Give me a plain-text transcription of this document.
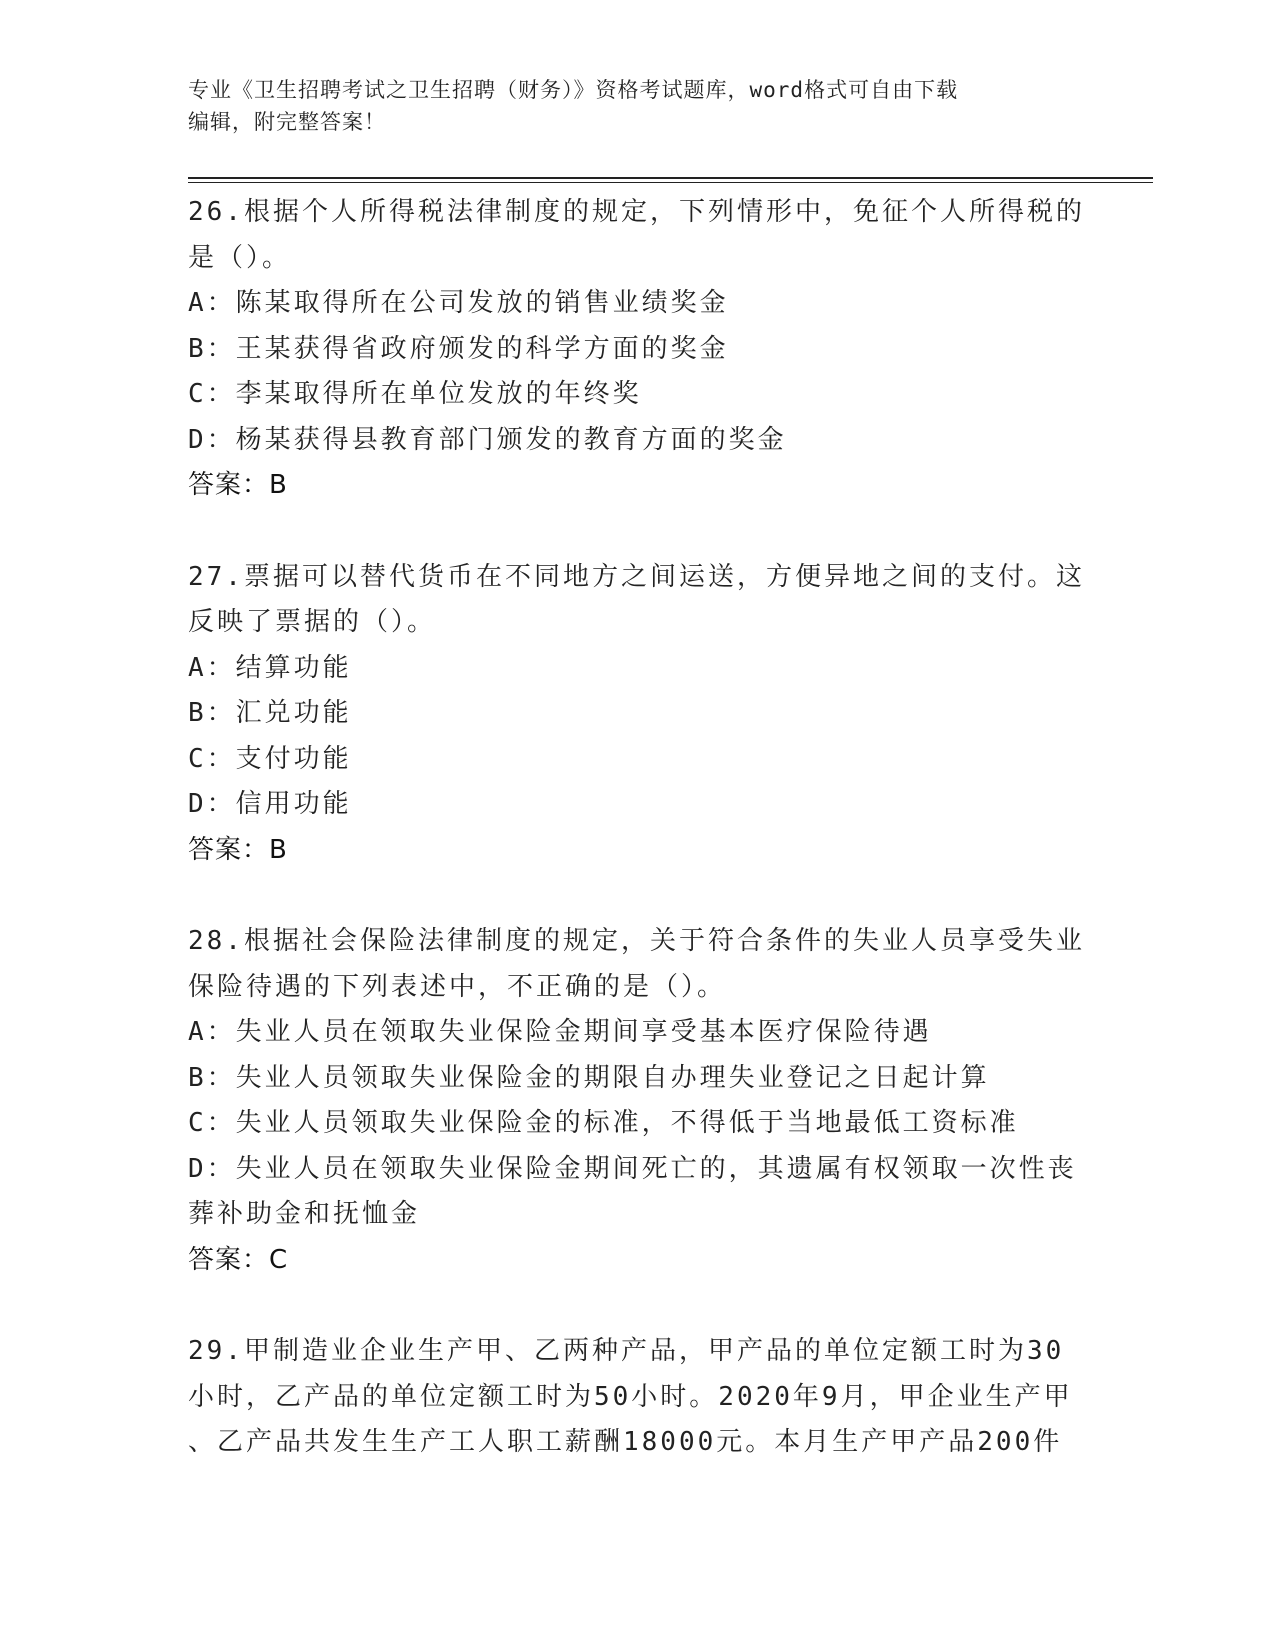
专业《卫生招聘考试之卫生招聘（财务）》资格考试题库，word格式可自由下载
编辑，附完整答案！
26.根据个人所得税法律制度的规定，下列情形中，免征个人所得税的
是（）。
A：陈某取得所在公司发放的销售业绩奖金
B：王某获得省政府颁发的科学方面的奖金
C：李某取得所在单位发放的年终奖
D：杨某获得县教育部门颁发的教育方面的奖金
答案：B
27.票据可以替代货币在不同地方之间运送，方便异地之间的支付。这
反映了票据的（）。
A：结算功能
B：汇兑功能
C：支付功能
D：信用功能
答案：B
28.根据社会保险法律制度的规定，关于符合条件的失业人员享受失业
保险待遇的下列表述中，不正确的是（）。
A：失业人员在领取失业保险金期间享受基本医疗保险待遇
B：失业人员领取失业保险金的期限自办理失业登记之日起计算
C：失业人员领取失业保险金的标准，不得低于当地最低工资标准
D：失业人员在领取失业保险金期间死亡的，其遗属有权领取一次性丧
葬补助金和抚恤金
答案：C
29.甲制造业企业生产甲、乙两种产品，甲产品的单位定额工时为30
小时，乙产品的单位定额工时为50小时。2020年9月，甲企业生产甲
、乙产品共发生生产工人职工薪酬18000元。本月生产甲产品200件
